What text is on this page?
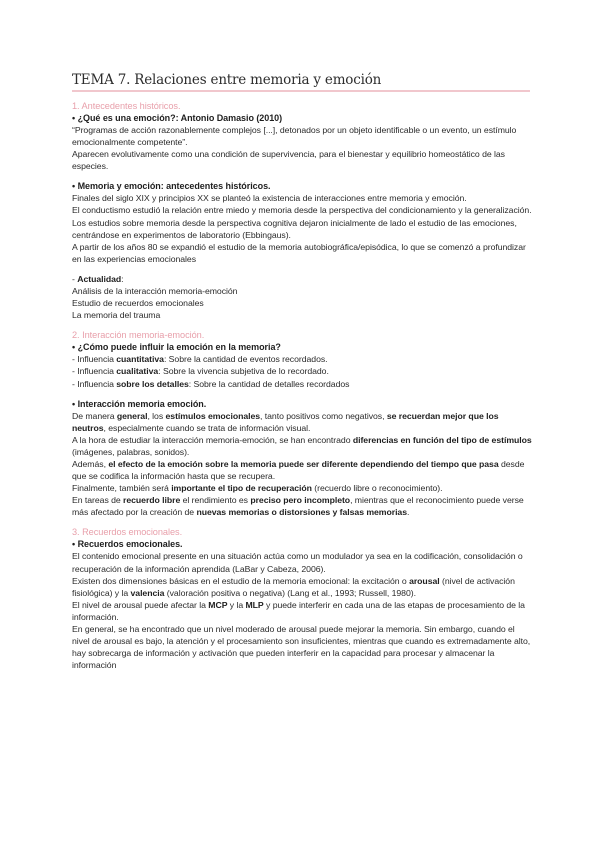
TEMA 7. Relaciones entre memoria y emoción

1. Antecedentes históricos.

• ¿Qué es una emoción?: Antonio Damasio (2010)

“Programas de acción razonablemente complejos [...], detonados por un objeto identificable o un evento, un estímulo emocionalmente competente”.

Aparecen evolutivamente como una condición de supervivencia, para el bienestar y equilibrio homeostático de las especies.

• Memoria y emoción: antecedentes históricos.

Finales del siglo XIX y principios XX se planteó la existencia de interacciones entre memoria y emoción.

El conductismo estudió la relación entre miedo y memoria desde la perspectiva del condicionamiento y la generalización.

Los estudios sobre memoria desde la perspectiva cognitiva dejaron inicialmente de lado el estudio de las emociones, centrándose en experimentos de laboratorio (Ebbingaus).

A partir de los años 80 se expandió el estudio de la memoria autobiográfica/episódica, lo que se comenzó a profundizar en las experiencias emocionales

- Actualidad:

Análisis de la interacción memoria-emoción

Estudio de recuerdos emocionales

La memoria del trauma

2. Interacción memoria-emoción.

• ¿Cómo puede influir la emoción en la memoria?

- Influencia cuantitativa: Sobre la cantidad de eventos recordados.

- Influencia cualitativa: Sobre la vivencia subjetiva de lo recordado.

- Influencia sobre los detalles: Sobre la cantidad de detalles recordados

• Interacción memoria emoción.

De manera general, los estímulos emocionales, tanto positivos como negativos, se recuerdan mejor que los neutros, especialmente cuando se trata de información visual.

A la hora de estudiar la interacción memoria-emoción, se han encontrado diferencias en función del tipo de estímulos (imágenes, palabras, sonidos).

Además, el efecto de la emoción sobre la memoria puede ser diferente dependiendo del tiempo que pasa desde que se codifica la información hasta que se recupera.

Finalmente, también será importante el tipo de recuperación (recuerdo libre o reconocimiento).

En tareas de recuerdo libre el rendimiento es preciso pero incompleto, mientras que el reconocimiento puede verse más afectado por la creación de nuevas memorias o distorsiones y falsas memorias.

3. Recuerdos emocionales.

• Recuerdos emocionales.

El contenido emocional presente en una situación actúa como un modulador ya sea en la codificación, consolidación o recuperación de la información aprendida (LaBar y Cabeza, 2006).

Existen dos dimensiones básicas en el estudio de la memoria emocional: la excitación o arousal (nivel de activación fisiológica) y la valencia (valoración positiva o negativa) (Lang et al., 1993; Russell, 1980).

El nivel de arousal puede afectar la MCP y la MLP y puede interferir en cada una de las etapas de procesamiento de la información.

En general, se ha encontrado que un nivel moderado de arousal puede mejorar la memoria. Sin embargo, cuando el nivel de arousal es bajo, la atención y el procesamiento son insuficientes, mientras que cuando es extremadamente alto, hay sobrecarga de información y activación que pueden interferir en la capacidad para procesar y almacenar la información
